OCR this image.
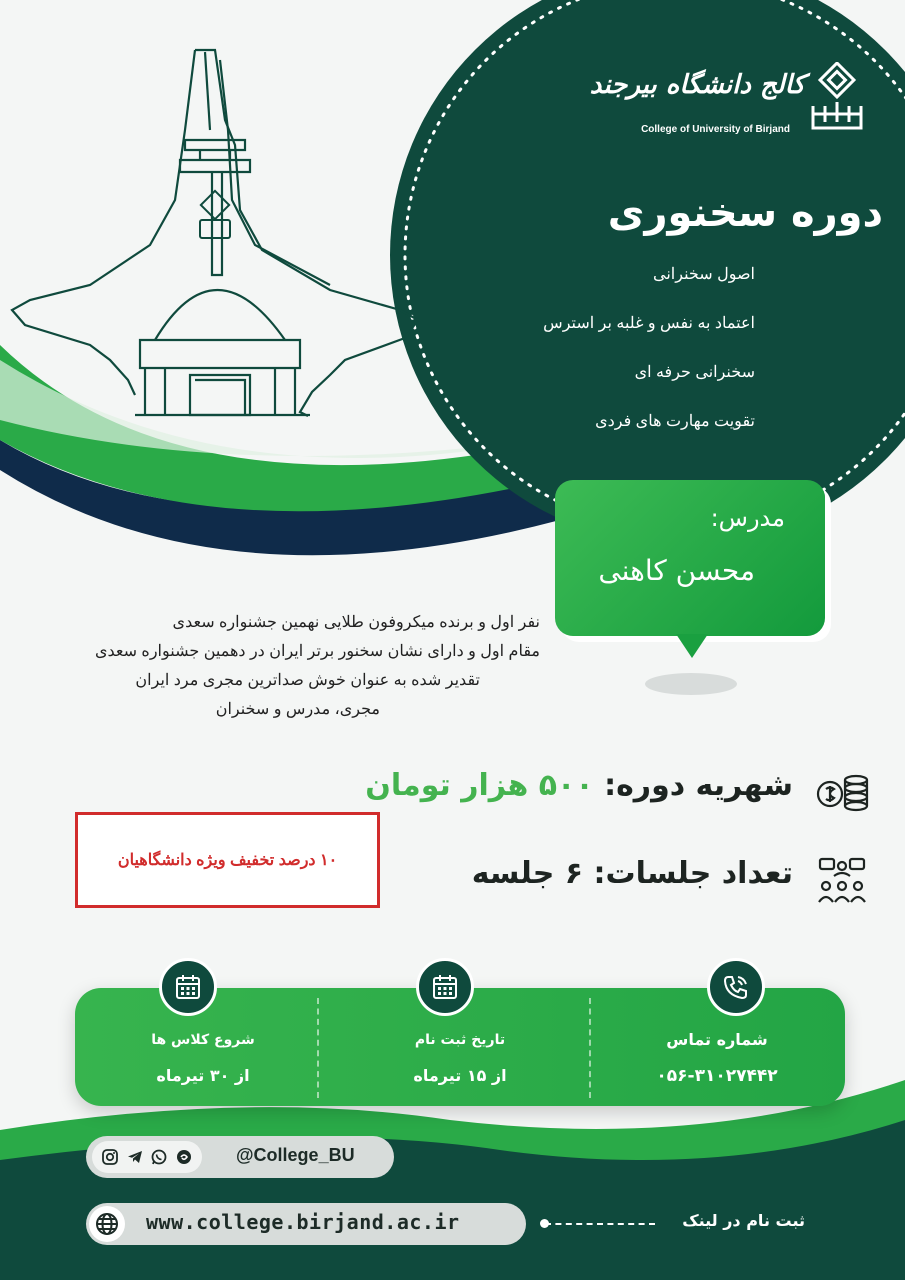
کالج دانشگاه بیرجند
College of University of Birjand
دوره سخنوری
اصول سخنرانی
اعتماد به نفس و غلبه بر استرس
سخنرانی حرفه ای
تقویت مهارت های فردی
مدرس:
محسن کاهنی
نفر اول و برنده میکروفون طلایی نهمین جشنواره سعدی
مقام اول و دارای نشان سخنور برتر ایران در دهمین جشنواره سعدی
تقدیر شده به عنوان خوش صداترین مجری مرد ایران
مجری، مدرس و سخنران
شهریه دوره: ۵۰۰ هزار تومان
۱۰ درصد تخفیف ویژه دانشگاهیان	تعداد جلسات: ۶ جلسه
شروع کلاس ها
از ۳۰ تیرماه
تاریخ ثبت نام
از ۱۵ تیرماه
شماره تماس
۰۵۶-۳۱۰۲۷۴۴۲
@College_BU
www.college.birjand.ac.ir	ثبت نام در لینک
